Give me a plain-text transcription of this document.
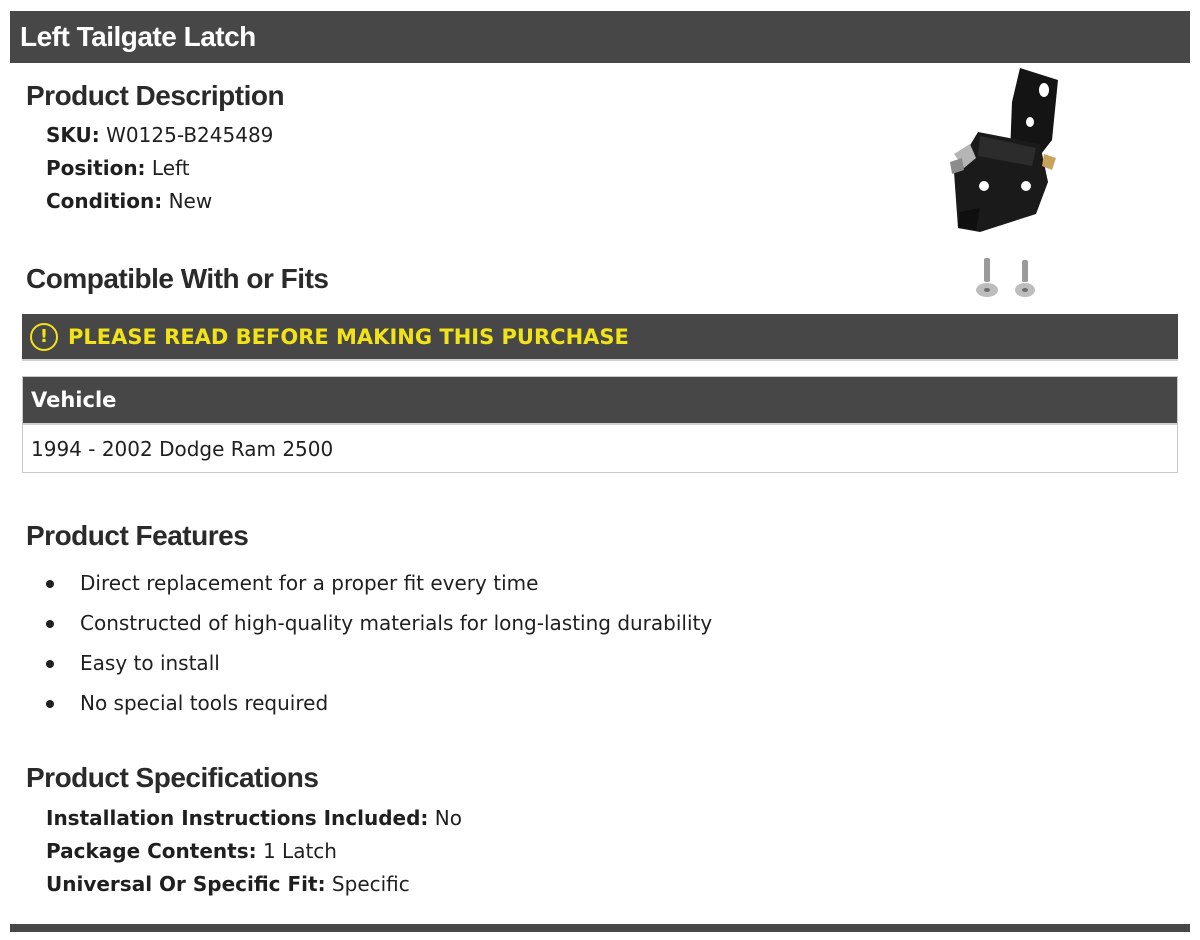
Left Tailgate Latch
Product Description
SKU: W0125-B245489
Position: Left
Condition: New
Compatible With or Fits
! PLEASE READ BEFORE MAKING THIS PURCHASE
Vehicle
1994 - 2002 Dodge Ram 2500
Product Features
Direct replacement for a proper fit every time
Constructed of high-quality materials for long-lasting durability
Easy to install
No special tools required
Product Specifications
Installation Instructions Included: No
Package Contents: 1 Latch
Universal Or Specific Fit: Specific
